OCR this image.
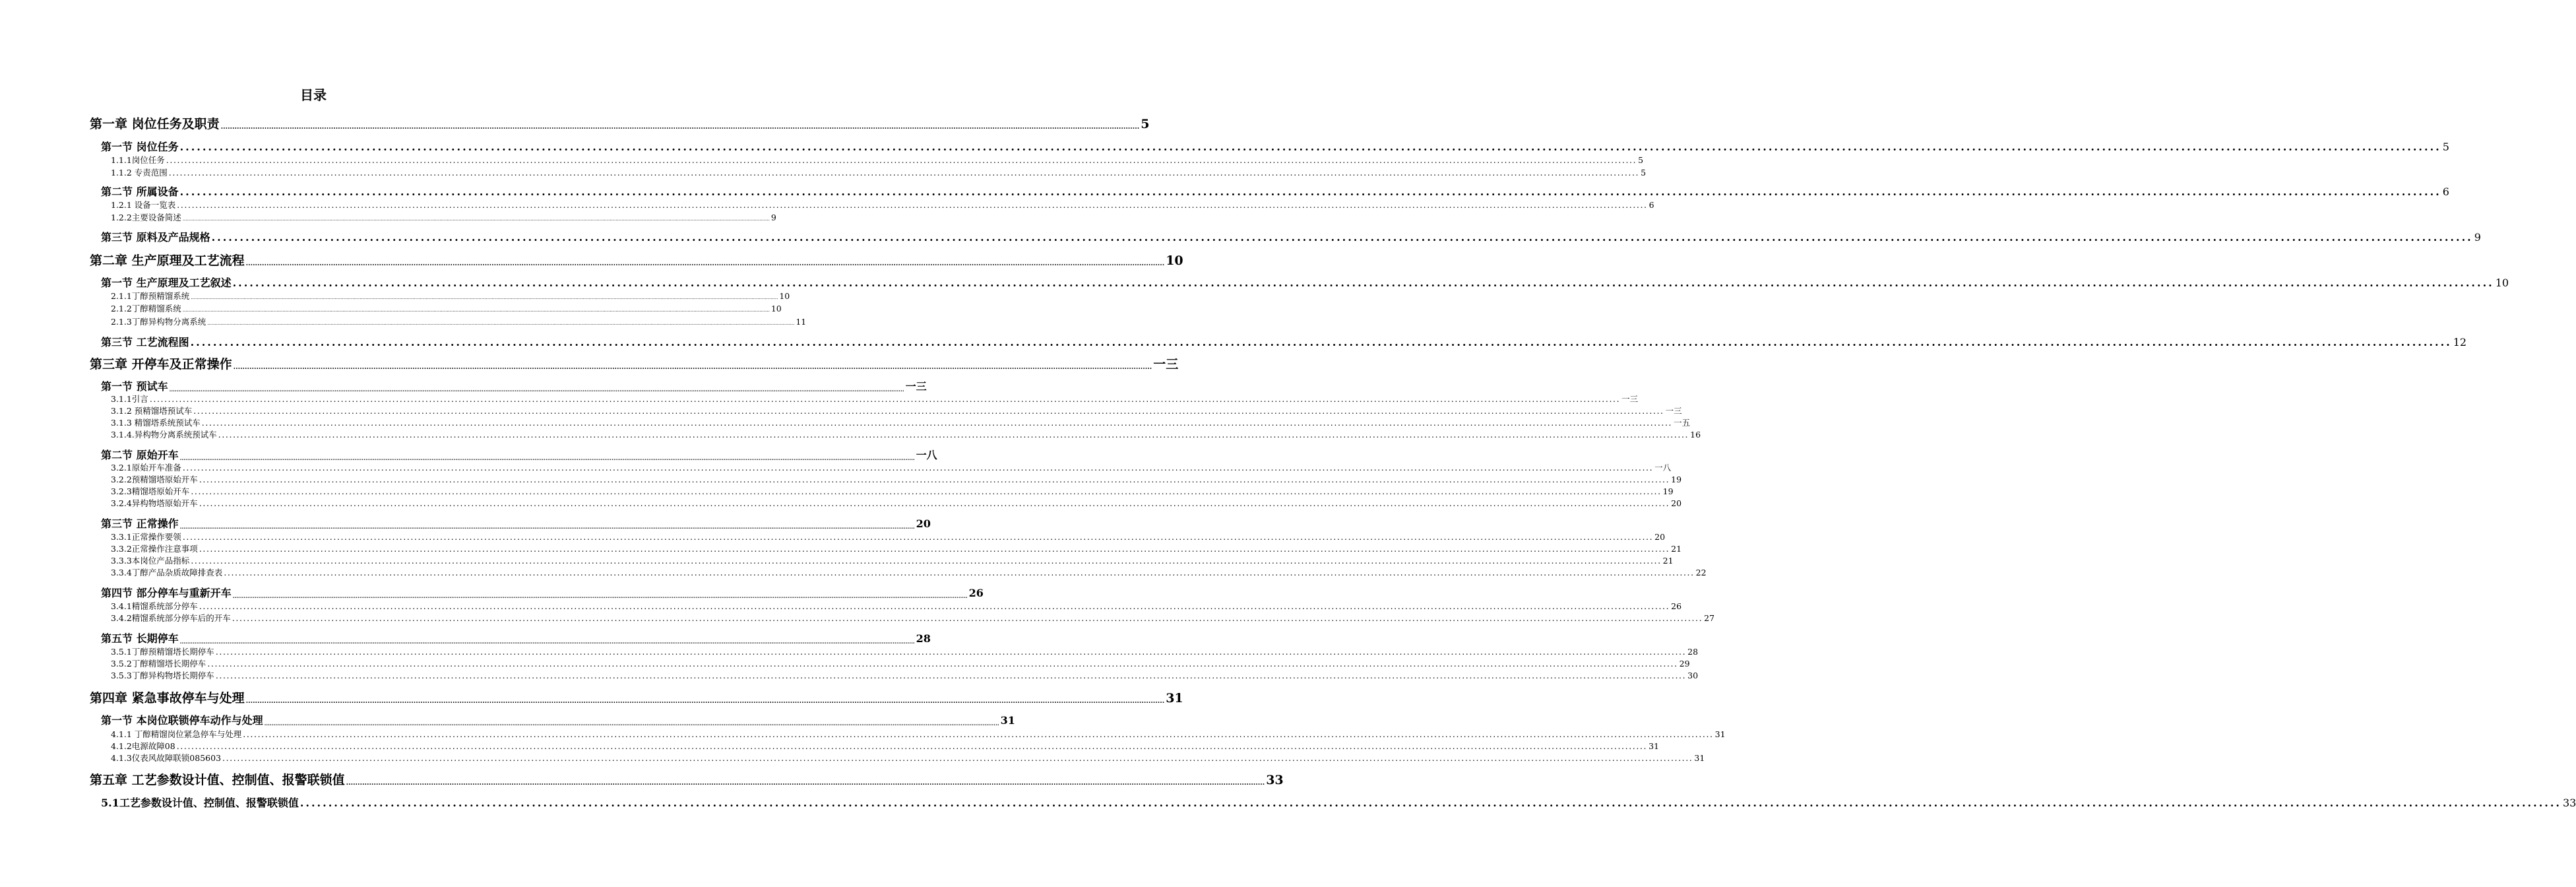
目录
第一章 岗位任务及职责 ................................................................................................................................................................................................................................................................................................................................................................................................................ 5
第一节 岗位任务 ................................................................................................................................................................................................................................................................................................................................................................................................................ 5
1.1.1岗位任务 ................................................................................................................................................................................................................................................................................................................................................................................................................ 5
1.1.2 专责范围 ................................................................................................................................................................................................................................................................................................................................................................................................................ 5
第二节 所属设备 ................................................................................................................................................................................................................................................................................................................................................................................................................ 6
1.2.1 设备一览表 ................................................................................................................................................................................................................................................................................................................................................................................................................ 6
1.2.2主要设备简述 ................................................................................................................................................................................................................................................................................................................................................................................................................ 9
第三节 原料及产品规格 ................................................................................................................................................................................................................................................................................................................................................................................................................ 9
第二章 生产原理及工艺流程 ................................................................................................................................................................................................................................................................................................................................................................................................................ 10
第一节 生产原理及工艺叙述 ................................................................................................................................................................................................................................................................................................................................................................................................................ 10
2.1.1丁醇预精馏系统 ................................................................................................................................................................................................................................................................................................................................................................................................................ 10
2.1.2丁醇精馏系统 ................................................................................................................................................................................................................................................................................................................................................................................................................ 10
2.1.3丁醇异构物分离系统 ................................................................................................................................................................................................................................................................................................................................................................................................................ 11
第三节 工艺流程图 ................................................................................................................................................................................................................................................................................................................................................................................................................ 12
第三章 开停车及正常操作 ................................................................................................................................................................................................................................................................................................................................................................................................................ 一三
第一节 预试车 ................................................................................................................................................................................................................................................................................................................................................................................................................ 一三
3.1.1引言 ................................................................................................................................................................................................................................................................................................................................................................................................................ 一三
3.1.2 预精馏塔预试车 ................................................................................................................................................................................................................................................................................................................................................................................................................ 一三
3.1.3 精馏塔系统预试车 ................................................................................................................................................................................................................................................................................................................................................................................................................ 一五
3.1.4.异构物分离系统预试车 ................................................................................................................................................................................................................................................................................................................................................................................................................ 16
第二节 原始开车 ................................................................................................................................................................................................................................................................................................................................................................................................................ 一八
3.2.1原始开车准备 ................................................................................................................................................................................................................................................................................................................................................................................................................ 一八
3.2.2预精馏塔原始开车 ................................................................................................................................................................................................................................................................................................................................................................................................................ 19
3.2.3精馏塔原始开车 ................................................................................................................................................................................................................................................................................................................................................................................................................ 19
3.2.4异构物塔原始开车 ................................................................................................................................................................................................................................................................................................................................................................................................................ 20
第三节 正常操作 ................................................................................................................................................................................................................................................................................................................................................................................................................ 20
3.3.1正常操作要领 ................................................................................................................................................................................................................................................................................................................................................................................................................ 20
3.3.2正常操作注意事项 ................................................................................................................................................................................................................................................................................................................................................................................................................ 21
3.3.3本岗位产品指标 ................................................................................................................................................................................................................................................................................................................................................................................................................ 21
3.3.4丁醇产品杂质故障排查表 ................................................................................................................................................................................................................................................................................................................................................................................................................ 22
第四节 部分停车与重新开车 ................................................................................................................................................................................................................................................................................................................................................................................................................ 26
3.4.1精馏系统部分停车 ................................................................................................................................................................................................................................................................................................................................................................................................................ 26
3.4.2精馏系统部分停车后的开车 ................................................................................................................................................................................................................................................................................................................................................................................................................ 27
第五节 长期停车 ................................................................................................................................................................................................................................................................................................................................................................................................................ 28
3.5.1丁醇预精馏塔长期停车 ................................................................................................................................................................................................................................................................................................................................................................................................................ 28
3.5.2丁醇精馏塔长期停车 ................................................................................................................................................................................................................................................................................................................................................................................................................ 29
3.5.3丁醇异构物塔长期停车 ................................................................................................................................................................................................................................................................................................................................................................................................................ 30
第四章 紧急事故停车与处理 ................................................................................................................................................................................................................................................................................................................................................................................................................ 31
第一节 本岗位联锁停车动作与处理 ................................................................................................................................................................................................................................................................................................................................................................................................................ 31
4.1.1 丁醇精馏岗位紧急停车与处理 ................................................................................................................................................................................................................................................................................................................................................................................................................ 31
4.1.2电源故障08 ................................................................................................................................................................................................................................................................................................................................................................................................................ 31
4.1.3仪表风故障联锁085603 ................................................................................................................................................................................................................................................................................................................................................................................................................ 31
第五章 工艺参数设计值、控制值、报警联锁值 ................................................................................................................................................................................................................................................................................................................................................................................................................ 33
5.1工艺参数设计值、控制值、报警联锁值 ................................................................................................................................................................................................................................................................................................................................................................................................................ 33
